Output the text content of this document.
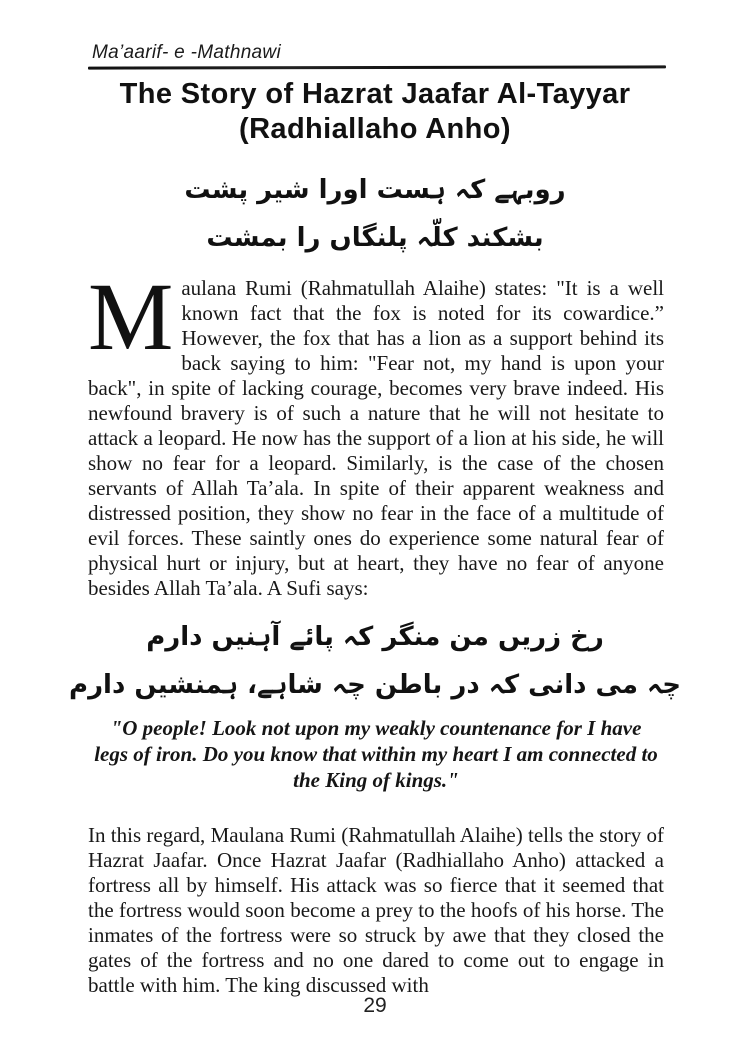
Ma’aarif- e -Mathnawi
The Story of Hazrat Jaafar Al-Tayyar
(Radhiallaho Anho)
روبہے کہ ہست اورا شیر پشت
بشکند کلّہ پلنگاں را بمشت

M aulana Rumi (Rahmatullah Alaihe) states: "It is a well known fact that the fox is noted for its cowardice.” However, the fox that has a lion as a support behind its back saying to him: "Fear not, my hand is upon your back", in spite of lacking courage, becomes very brave indeed. His newfound bravery is of such a nature that he will not hesitate to attack a leopard. He now has the support of a lion at his side, he will show no fear for a leopard. Similarly, is the case of the chosen servants of Allah Ta’ala. In spite of their apparent weakness and distressed position, they show no fear in the face of a multitude of evil forces. These saintly ones do experience some natural fear of physical hurt or injury, but at heart, they have no fear of anyone besides Allah Ta’ala. A Sufi says:

رخ زریں من منگر کہ پائے آہنیں دارم
چہ می دانی کہ در باطن چہ شاہے، ہمنشیں دارم

"O people! Look not upon my weakly countenance for I have legs of iron. Do you know that within my heart I am connected to the King of kings."

In this regard, Maulana Rumi (Rahmatullah Alaihe) tells the story of Hazrat Jaafar. Once Hazrat Jaafar (Radhiallaho Anho) attacked a fortress all by himself. His attack was so fierce that it seemed that the fortress would soon become a prey to the hoofs of his horse. The inmates of the fortress were so struck by awe that they closed the gates of the fortress and no one dared to come out to engage in battle with him. The king discussed with

29
